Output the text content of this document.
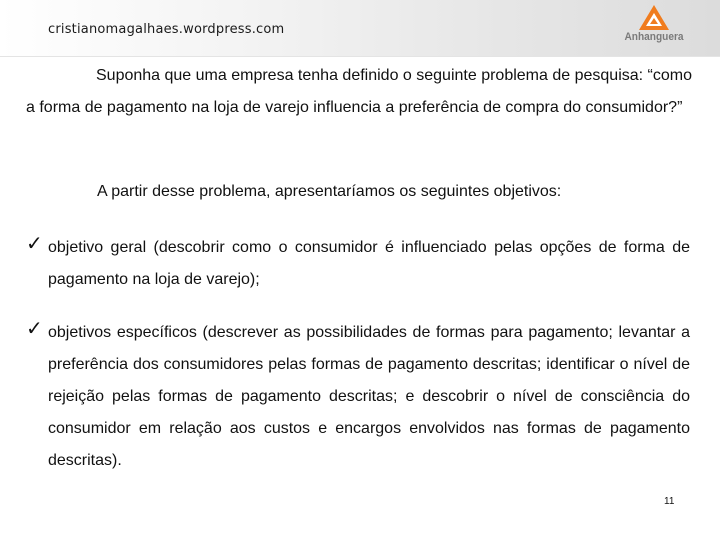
cristianomagalhaes.wordpress.com	Anhanguera
Suponha que uma empresa tenha definido o seguinte problema de pesquisa: “como a forma de pagamento na loja de varejo influencia a preferência de compra do consumidor?”
A partir desse problema, apresentaríamos os seguintes objetivos:
✓ objetivo geral (descobrir como o consumidor é influenciado pelas opções de forma de pagamento na loja de varejo);
✓ objetivos específicos (descrever as possibilidades de formas para pagamento; levantar a preferência dos consumidores pelas formas de pagamento descritas; identificar o nível de rejeição pelas formas de pagamento descritas; e descobrir o nível de consciência do consumidor em relação aos custos e encargos envolvidos nas formas de pagamento descritas).
11
